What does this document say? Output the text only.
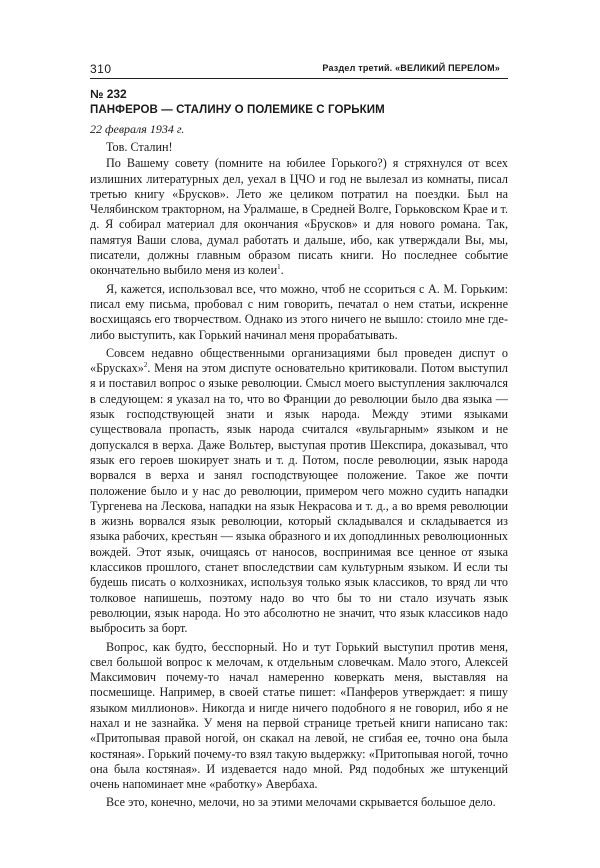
310	Раздел третий. «ВЕЛИКИЙ ПЕРЕЛОМ»
№ 232
ПАНФЕРОВ — СТАЛИНУ О ПОЛЕМИКЕ С ГОРЬКИМ
22 февраля 1934 г.

Тов. Сталин!

По Вашему совету (помните на юбилее Горького?) я стряхнулся от всех излишних литературных дел, уехал в ЦЧО и год не вылезал из комнаты, писал третью книгу «Брусков». Лето же целиком потратил на поездки. Был на Челябинском тракторном, на Уралмаше, в Средней Волге, Горьковском Крае и т. д. Я собирал материал для окончания «Брусков» и для нового романа. Так, памятуя Ваши слова, думал работать и дальше, ибо, как утверждали Вы, мы, писатели, должны главным образом писать книги. Но последнее событие окончательно выбило меня из колеи$^1$.

Я, кажется, использовал все, что можно, чтоб не ссориться с А. М. Горьким: писал ему письма, пробовал с ним говорить, печатал о нем статьи, искренне восхищаясь его творчеством. Однако из этого ничего не вышло: стоило мне где-либо выступить, как Горький начинал меня прорабатывать.

Совсем недавно общественными организациями был проведен диспут о «Брусках»$^2$. Меня на этом диспуте основательно критиковали. Потом выступил я и поставил вопрос о языке революции. Смысл моего выступления заключался в следующем: я указал на то, что во Франции до революции было два языка — язык господствующей знати и язык народа. Между этими языками существовала пропасть, язык народа считался «вульгарным» языком и не допускался в верха. Даже Вольтер, выступая против Шекспира, доказывал, что язык его героев шокирует знать и т. д. Потом, после революции, язык народа ворвался в верха и занял господствующее положение. Такое же почти положение было и у нас до революции, примером чего можно судить нападки Тургенева на Лескова, нападки на язык Некрасова и т. д., а во время революции в жизнь ворвался язык революции, который складывался и складывается из языка рабочих, крестьян — языка образного и их доподлинных революционных вождей. Этот язык, очищаясь от наносов, воспринимая все ценное от языка классиков прошлого, станет впоследствии сам культурным языком. И если ты будешь писать о колхозниках, используя только язык классиков, то вряд ли что толковое напишешь, поэтому надо во что бы то ни стало изучать язык революции, язык народа. Но это абсолютно не значит, что язык классиков надо выбросить за борт.

Вопрос, как будто, бесспорный. Но и тут Горький выступил против меня, свел большой вопрос к мелочам, к отдельным словечкам. Мало этого, Алексей Максимович почему-то начал намеренно коверкать меня, выставляя на посмешище. Например, в своей статье пишет: «Панферов утверждает: я пишу языком миллионов». Никогда и нигде ничего подобного я не говорил, ибо я не нахал и не зазнайка. У меня на первой странице третьей книги написано так: «Притопывая правой ногой, он скакал на левой, не сгибая ее, точно она была костяная». Горький почему-то взял такую выдержку: «Притопывая ногой, точно она была костяная». И издевается надо мной. Ряд подобных же штукенций очень напоминает мне «работку» Авербаха.

Все это, конечно, мелочи, но за этими мелочами скрывается большое дело.
